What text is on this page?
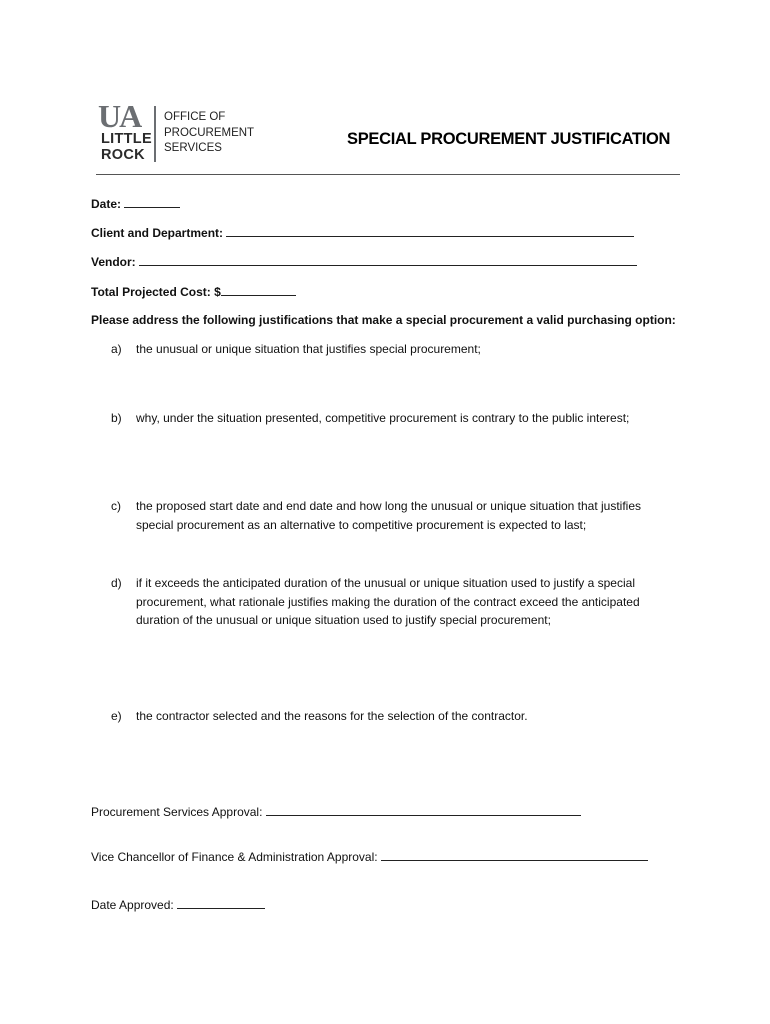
UA
LITTLE
ROCK
OFFICE OF
PROCUREMENT
SERVICES	SPECIAL PROCUREMENT JUSTIFICATION
Date:
Client and Department:
Vendor:
Total Projected Cost: $
Please address the following justifications that make a special procurement a valid purchasing option:
a)	the unusual or unique situation that justifies special procurement;
b)	why, under the situation presented, competitive procurement is contrary to the public interest;
c)	the proposed start date and end date and how long the unusual or unique situation that justifies special procurement as an alternative to competitive procurement is expected to last;
d)	if it exceeds the anticipated duration of the unusual or unique situation used to justify a special procurement, what rationale justifies making the duration of the contract exceed the anticipated duration of the unusual or unique situation used to justify special procurement;
e)	the contractor selected and the reasons for the selection of the contractor.
Procurement Services Approval:
Vice Chancellor of Finance & Administration Approval:
Date Approved:
